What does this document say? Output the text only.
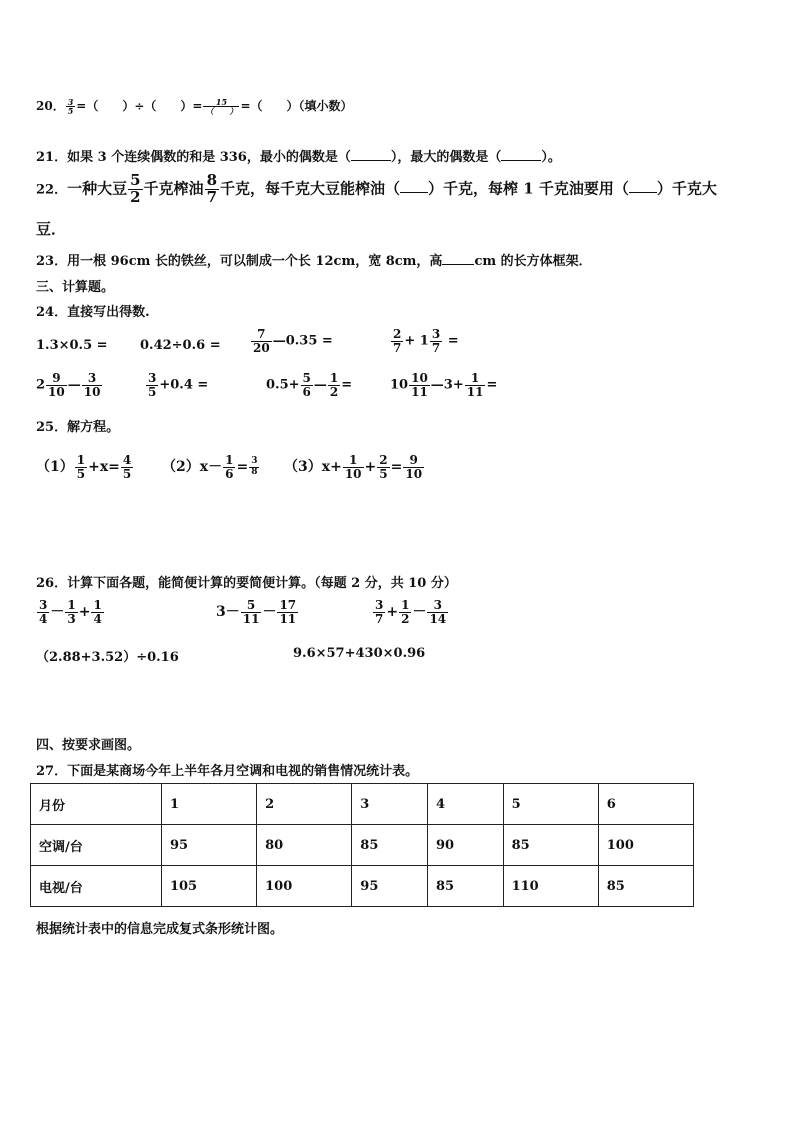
20． $\frac{3}{5}$ =（　　）÷（　　）= $\frac{15}{( )}$ =（　　）（填小数）
21．如果 3 个连续偶数的和是 336，最小的偶数是（	），最大的偶数是（	）。
22．一种大豆 $\frac{5}{2}$ 千克榨油 $\frac{8}{7}$ 千克，每千克大豆能榨油（ ）千克，每榨 1 千克油要用（ ）千克大
豆．
23．用一根 96cm 长的铁丝，可以制成一个长 12cm，宽 8cm，高 cm 的长方体框架．
三、计算题。
24．直接写出得数.
1.3×0.5 = 0.42÷0.6 =	$\frac{7}{20}$ —0.35 =	$\frac{2}{7} + 1 \frac{3}{7}$ =
$2 \frac{9}{10}$ — $\frac{3}{10}$	$\frac{3}{5} +0.4$ =	$0.5+ \frac{5}{6}$ — $\frac{1}{2}$ =	$10 \frac{10}{11}$ —3+ $\frac{1}{11}$ =
25．解方程。
$(1) \frac{1}{5} +x= \frac{4}{5} (2)x- \frac{1}{6} = \frac{3}{8} (3)x+ \frac{1}{10} + \frac{2}{5} = \frac{9}{10}$
26．计算下面各题，能简便计算的要简便计算。（每题 2 分，共 10 分）
$\frac{3}{4} - \frac{1}{3} + \frac{1}{4}$	$3- \frac{5}{11} - \frac{17}{11}$	$\frac{3}{7} + \frac{1}{2} - \frac{3}{14}$
（2.88+3.52）÷0.16	9.6×57+430×0.96
四、按要求画图。
27．下面是某商场今年上半年各月空调和电视的销售情况统计表。
月份	1	2	3	4	5	6
空调/台	95	80	85	90	85	100
电视/台	105	100	95	85	110	85
根据统计表中的信息完成复式条形统计图。
